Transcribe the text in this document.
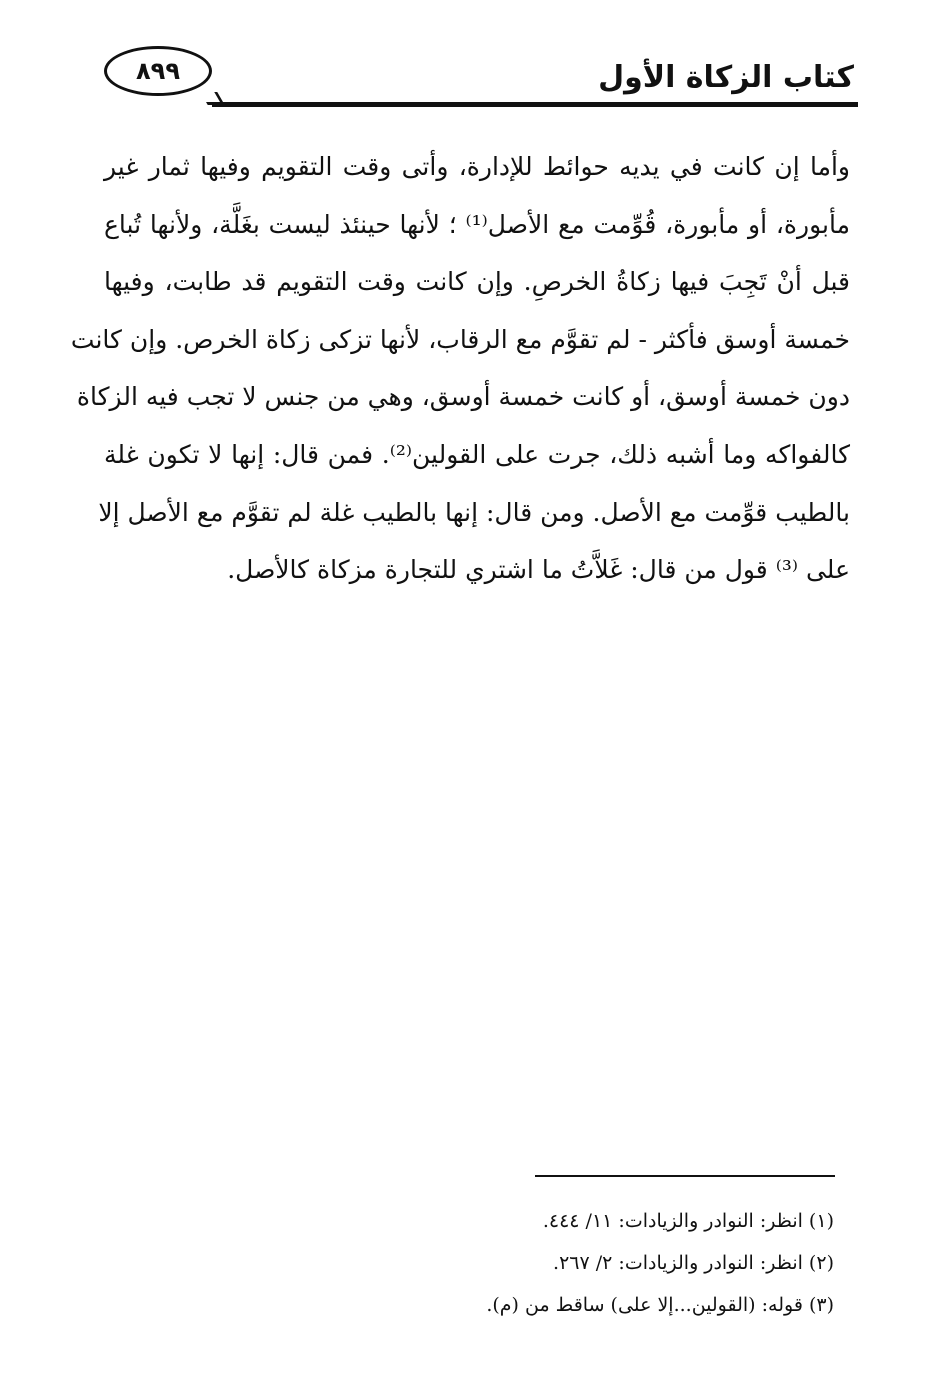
٨٩٩	كتاب الزكاة الأول
وأما إن كانت في يديه حوائط للإدارة، وأتى وقت التقويم وفيها ثمار غير
مأبورة، أو مأبورة، قُوِّمت مع الأصل⁽¹⁾ ؛ لأنها حينئذ ليست بغَلَّة، ولأنها تُباع
قبل أنْ تَجِبَ فيها زكاةُ الخرصِ. وإن كانت وقت التقويم قد طابت، وفيها
خمسة أوسق فأكثر - لم تقوَّم مع الرقاب، لأنها تزكى زكاة الخرص. وإن كانت
دون خمسة أوسق، أو كانت خمسة أوسق، وهي من جنس لا تجب فيه الزكاة
كالفواكه وما أشبه ذلك، جرت على القولين⁽²⁾. فمن قال: إنها لا تكون غلة
بالطيب قوِّمت مع الأصل. ومن قال: إنها بالطيب غلة لم تقوَّم مع الأصل إلا
على ⁽³⁾ قول من قال: غَلاَّتُ ما اشتري للتجارة مزكاة كالأصل.
(١) انظر: النوادر والزيادات: ١١/ ٤٤٤.
(٢) انظر: النوادر والزيادات: ٢/ ٢٦٧.
(٣) قوله: (القولين...إلا على) ساقط من (م).
